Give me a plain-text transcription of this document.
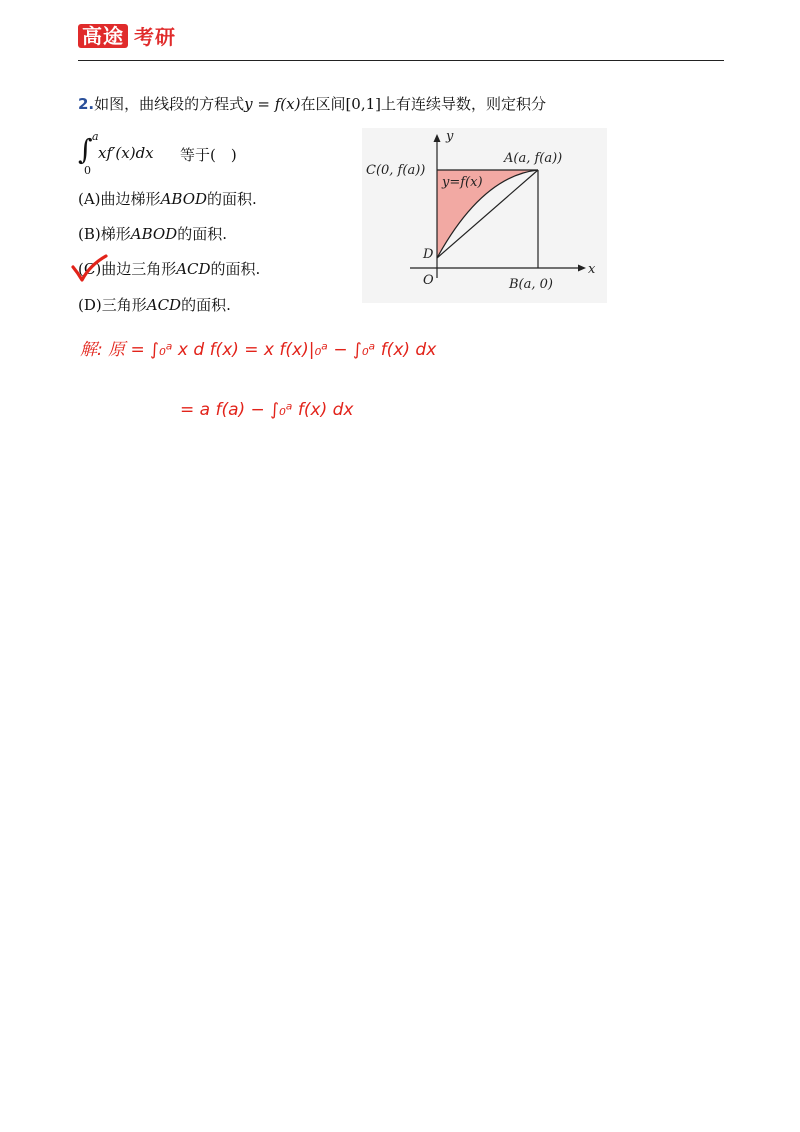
高途 考研
2.如图，曲线段的方程式y = f(x)在区间[0,1]上有连续导数，则定积分
a
∫
0
xf′(x)dx 等于(　)
(A)曲边梯形ABOD的面积.
(B)梯形ABOD的面积.
(C)曲边三角形ACD的面积.
(D)三角形ACD的面积.
y
x
C(0, f(a))
A(a, f(a))
y=f(x)
D
O	B(a, 0)
解: 原 = ∫₀ᵃ x d f(x) = x f(x)|₀ᵃ − ∫₀ᵃ f(x) dx
= a f(a) − ∫₀ᵃ f(x) dx
